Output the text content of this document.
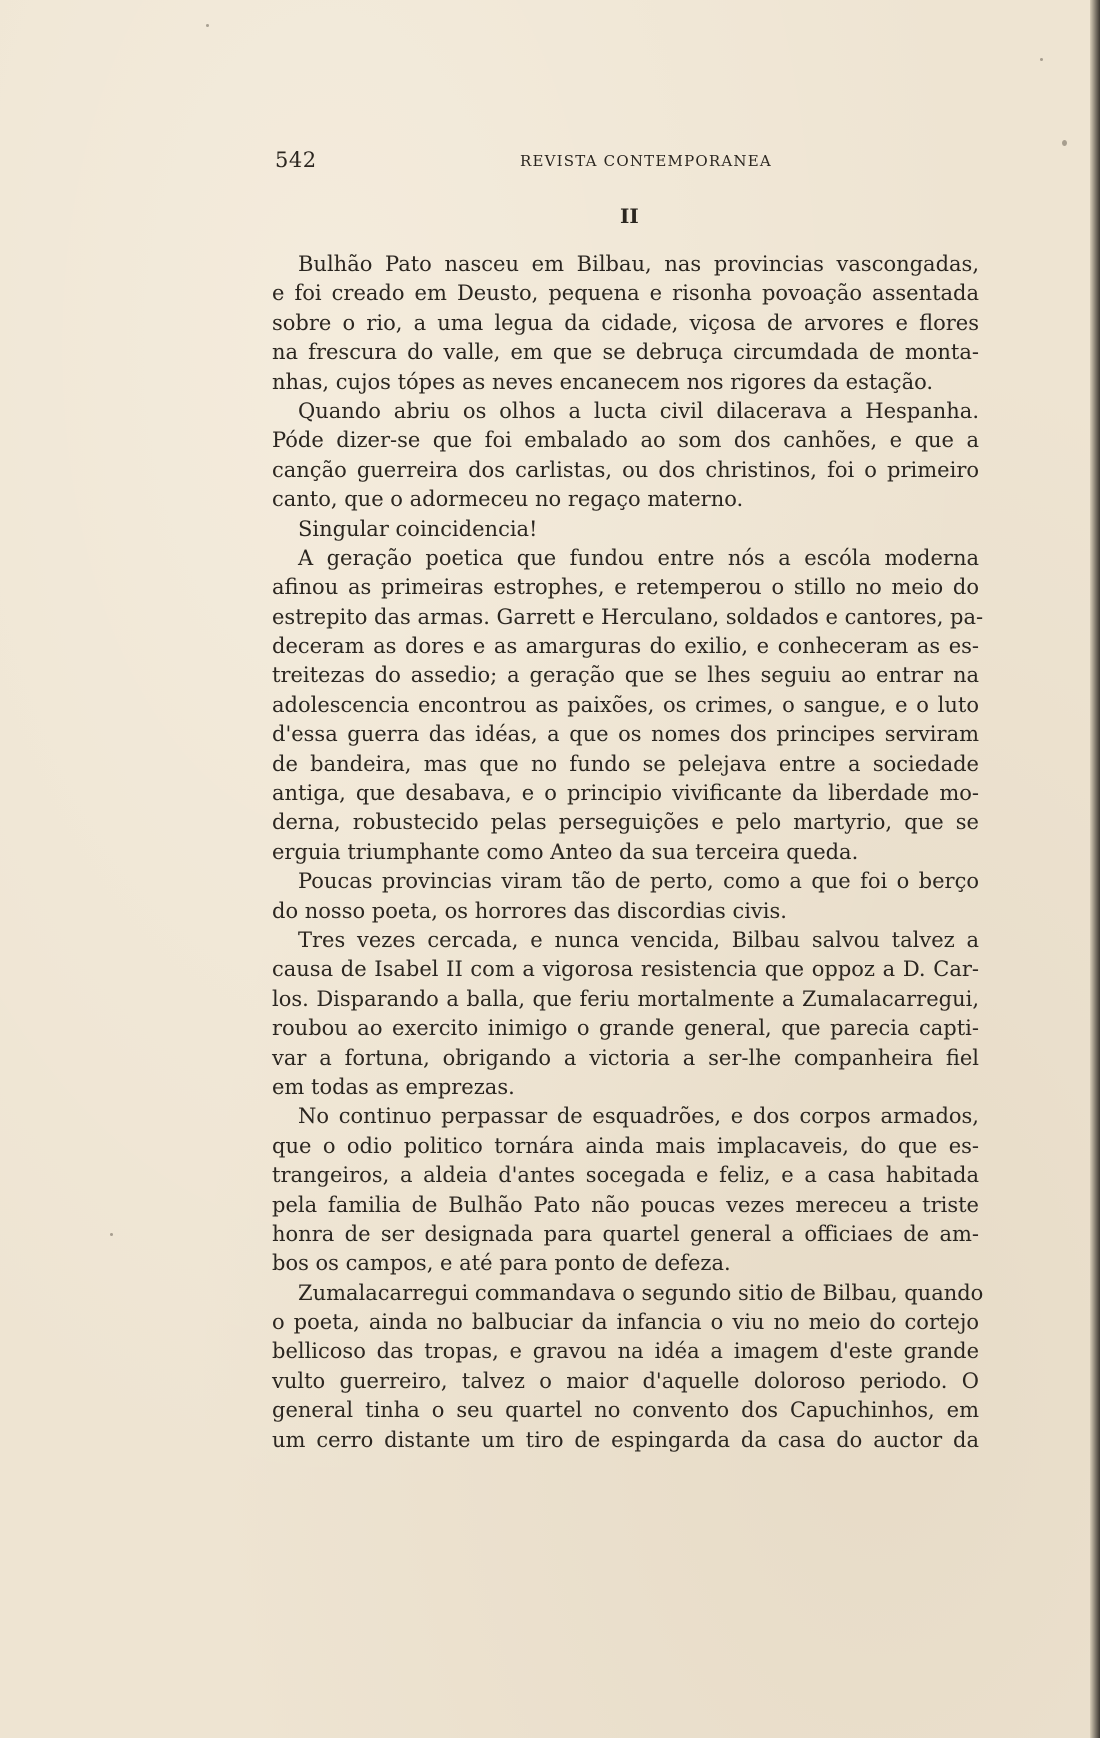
542	REVISTA CONTEMPORANEA
II
Bulhão Pato nasceu em Bilbau, nas provincias vascongadas,
e foi creado em Deusto, pequena e risonha povoação assentada
sobre o rio, a uma legua da cidade, viçosa de arvores e flores
na frescura do valle, em que se debruça circumdada de monta-
nhas, cujos tópes as neves encanecem nos rigores da estação.
Quando abriu os olhos a lucta civil dilacerava a Hespanha.
Póde dizer-se que foi embalado ao som dos canhões, e que a
canção guerreira dos carlistas, ou dos christinos, foi o primeiro
canto, que o adormeceu no regaço materno.
Singular coincidencia!
A geração poetica que fundou entre nós a escóla moderna
afinou as primeiras estrophes, e retemperou o stillo no meio do
estrepito das armas. Garrett e Herculano, soldados e cantores, pa-
deceram as dores e as amarguras do exilio, e conheceram as es-
treitezas do assedio; a geração que se lhes seguiu ao entrar na
adolescencia encontrou as paixões, os crimes, o sangue, e o luto
d'essa guerra das idéas, a que os nomes dos principes serviram
de bandeira, mas que no fundo se pelejava entre a sociedade
antiga, que desabava, e o principio vivificante da liberdade mo-
derna, robustecido pelas perseguições e pelo martyrio, que se
erguia triumphante como Anteo da sua terceira queda.
Poucas provincias viram tão de perto, como a que foi o berço
do nosso poeta, os horrores das discordias civis.
Tres vezes cercada, e nunca vencida, Bilbau salvou talvez a
causa de Isabel II com a vigorosa resistencia que oppoz a D. Car-
los. Disparando a balla, que feriu mortalmente a Zumalacarregui,
roubou ao exercito inimigo o grande general, que parecia capti-
var a fortuna, obrigando a victoria a ser-lhe companheira fiel
em todas as emprezas.
No continuo perpassar de esquadrões, e dos corpos armados,
que o odio politico tornára ainda mais implacaveis, do que es-
trangeiros, a aldeia d'antes socegada e feliz, e a casa habitada
pela familia de Bulhão Pato não poucas vezes mereceu a triste
honra de ser designada para quartel general a officiaes de am-
bos os campos, e até para ponto de defeza.
Zumalacarregui commandava o segundo sitio de Bilbau, quando
o poeta, ainda no balbuciar da infancia o viu no meio do cortejo
bellicoso das tropas, e gravou na idéa a imagem d'este grande
vulto guerreiro, talvez o maior d'aquelle doloroso periodo. O
general tinha o seu quartel no convento dos Capuchinhos, em
um cerro distante um tiro de espingarda da casa do auctor da
